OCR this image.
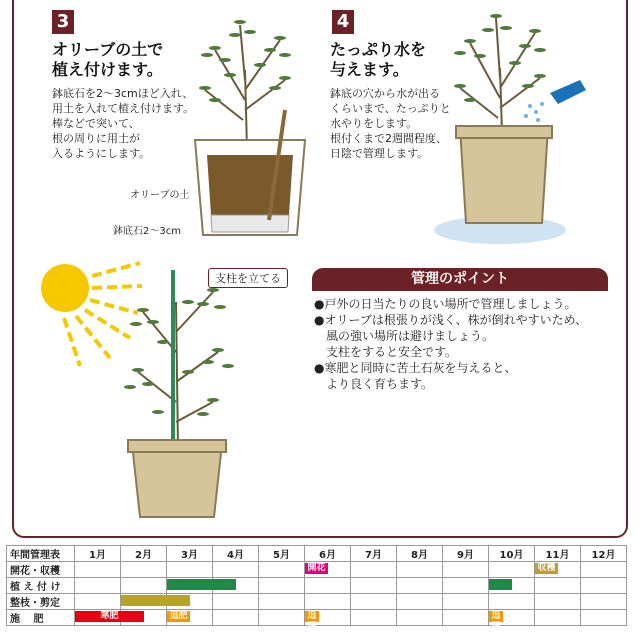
3
オリーブの土で
植え付けます。
鉢底石を2〜3cmほど入れ、
用土を入れて植え付けます。
棒などで突いて、
根の周りに用土が
入るようにします。
オリーブの土
鉢底石2〜3cm
4
たっぷり水を
与えます。
鉢底の穴から水が出る
くらいまで、たっぷりと
水やりをします。
根付くまで2週間程度、
日陰で管理します。
支柱を立てる	管理のポイント
●戸外の日当たりの良い場所で管理しましょう。
●オリーブは根張りが浅く、株が倒れやすいため、
　風の強い場所は避けましょう。
　支柱をすると安全です。
●寒肥と同時に苦土石灰を与えると、
　より良く育ちます。
年間管理表	1月	2月	3月	4月	5月	6月	7月	8月	9月	10月	11月	12月
開花・収穫						開花					収穫	

植 え 付 け			

整枝・剪定		

施　 肥	寒肥		追肥			追肥				追肥		
